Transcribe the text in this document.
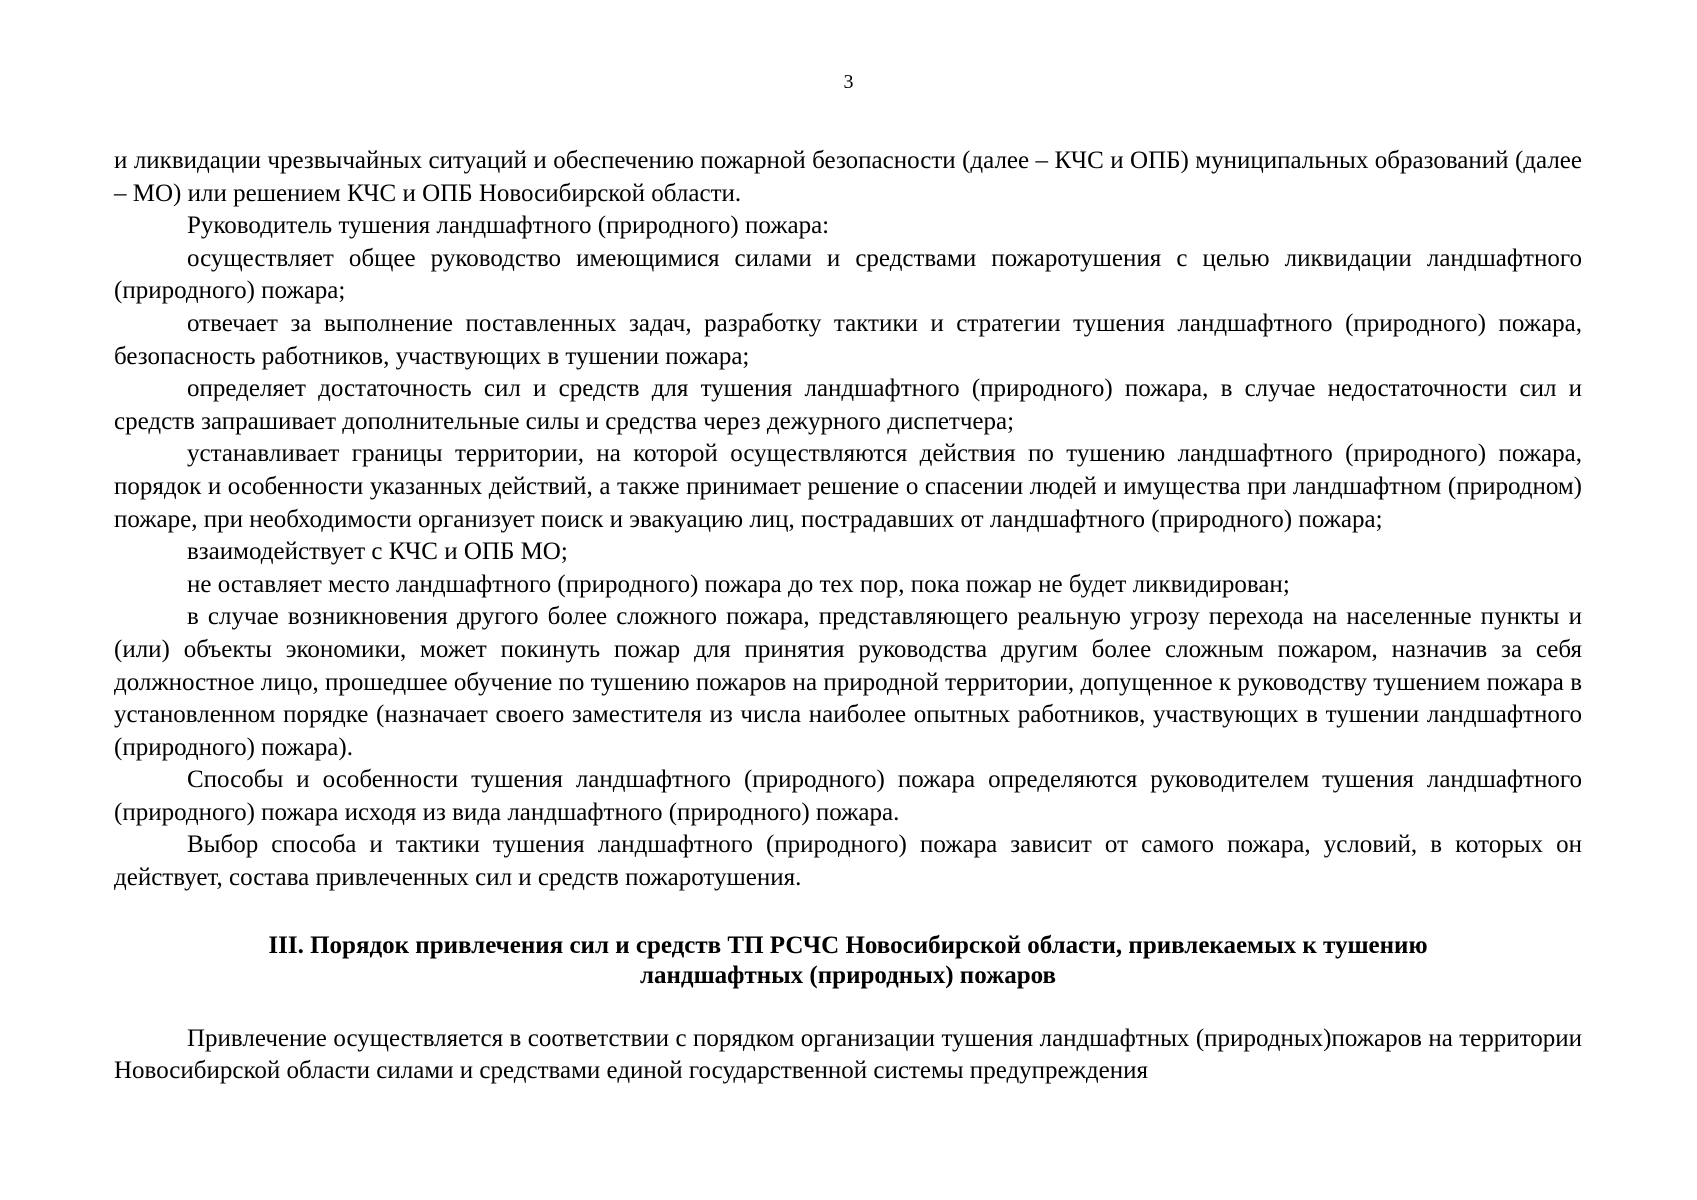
3

и ликвидации чрезвычайных ситуаций и обеспечению пожарной безопасности (далее – КЧС и ОПБ) муниципальных образований (далее – МО) или решением КЧС и ОПБ Новосибирской области.

Руководитель тушения ландшафтного (природного) пожара:

осуществляет общее руководство имеющимися силами и средствами пожаротушения с целью ликвидации ландшафтного (природного) пожара;

отвечает за выполнение поставленных задач, разработку тактики и стратегии тушения ландшафтного (природного) пожара, безопасность работников, участвующих в тушении пожара;

определяет достаточность сил и средств для тушения ландшафтного (природного) пожара, в случае недостаточности сил и средств запрашивает дополнительные силы и средства через дежурного диспетчера;

устанавливает границы территории, на которой осуществляются действия по тушению ландшафтного (природного) пожара, порядок и особенности указанных действий, а также принимает решение о спасении людей и имущества при ландшафтном (природном) пожаре, при необходимости организует поиск и эвакуацию лиц, пострадавших от ландшафтного (природного) пожара;

взаимодействует с КЧС и ОПБ МО;

не оставляет место ландшафтного (природного) пожара до тех пор, пока пожар не будет ликвидирован;

в случае возникновения другого более сложного пожара, представляющего реальную угрозу перехода на населенные пункты и (или) объекты экономики, может покинуть пожар для принятия руководства другим более сложным пожаром, назначив за себя должностное лицо, прошедшее обучение по тушению пожаров на природной территории, допущенное к руководству тушением пожара в установленном порядке (назначает своего заместителя из числа наиболее опытных работников, участвующих в тушении ландшафтного (природного) пожара).

Способы и особенности тушения ландшафтного (природного) пожара определяются руководителем тушения ландшафтного (природного) пожара исходя из вида ландшафтного (природного) пожара.

Выбор способа и тактики тушения ландшафтного (природного) пожара зависит от самого пожара, условий, в которых он действует, состава привлеченных сил и средств пожаротушения.

III. Порядок привлечения сил и средств ТП РСЧС Новосибирской области, привлекаемых к тушению
ландшафтных (природных) пожаров

Привлечение осуществляется в соответствии с порядком организации тушения ландшафтных (природных)пожаров на территории Новосибирской области силами и средствами единой государственной системы предупреждения
